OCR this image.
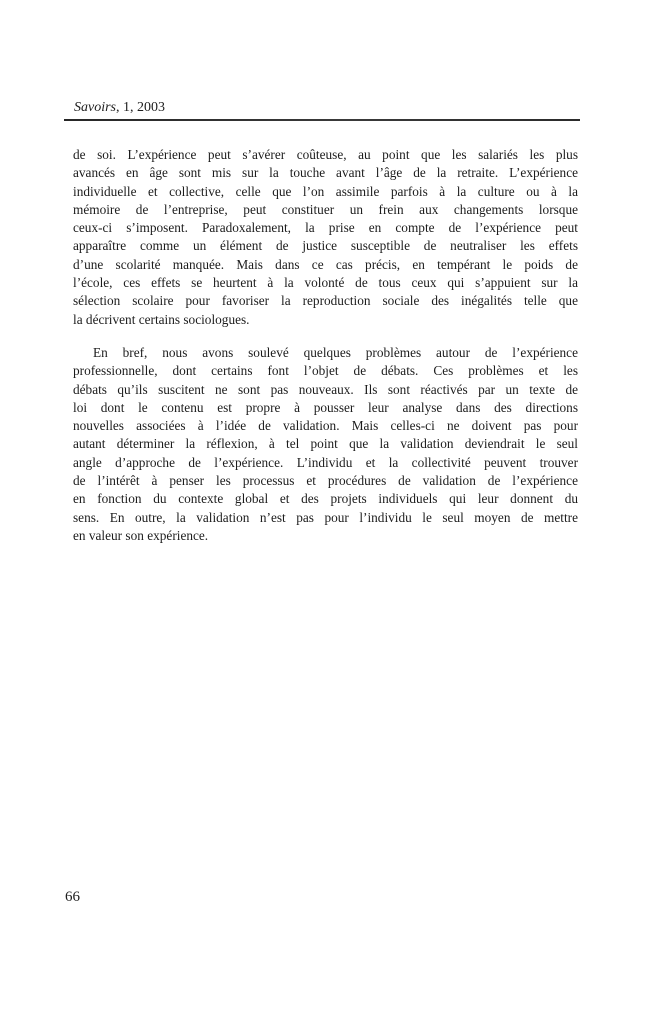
Savoirs, 1, 2003
de soi. L’expérience peut s’avérer coûteuse, au point que les salariés les plus
avancés en âge sont mis sur la touche avant l’âge de la retraite. L’expérience
individuelle et collective, celle que l’on assimile parfois à la culture ou à la
mémoire de l’entreprise, peut constituer un frein aux changements lorsque
ceux-ci s’imposent. Paradoxalement, la prise en compte de l’expérience peut
apparaître comme un élément de justice susceptible de neutraliser les effets
d’une scolarité manquée. Mais dans ce cas précis, en tempérant le poids de
l’école, ces effets se heurtent à la volonté de tous ceux qui s’appuient sur la
sélection scolaire pour favoriser la reproduction sociale des inégalités telle que
la décrivent certains sociologues.
En bref, nous avons soulevé quelques problèmes autour de l’expérience
professionnelle, dont certains font l’objet de débats. Ces problèmes et les
débats qu’ils suscitent ne sont pas nouveaux. Ils sont réactivés par un texte de
loi dont le contenu est propre à pousser leur analyse dans des directions
nouvelles associées à l’idée de validation. Mais celles-ci ne doivent pas pour
autant déterminer la réflexion, à tel point que la validation deviendrait le seul
angle d’approche de l’expérience. L’individu et la collectivité peuvent trouver
de l’intérêt à penser les processus et procédures de validation de l’expérience
en fonction du contexte global et des projets individuels qui leur donnent du
sens. En outre, la validation n’est pas pour l’individu le seul moyen de mettre
en valeur son expérience.
66
